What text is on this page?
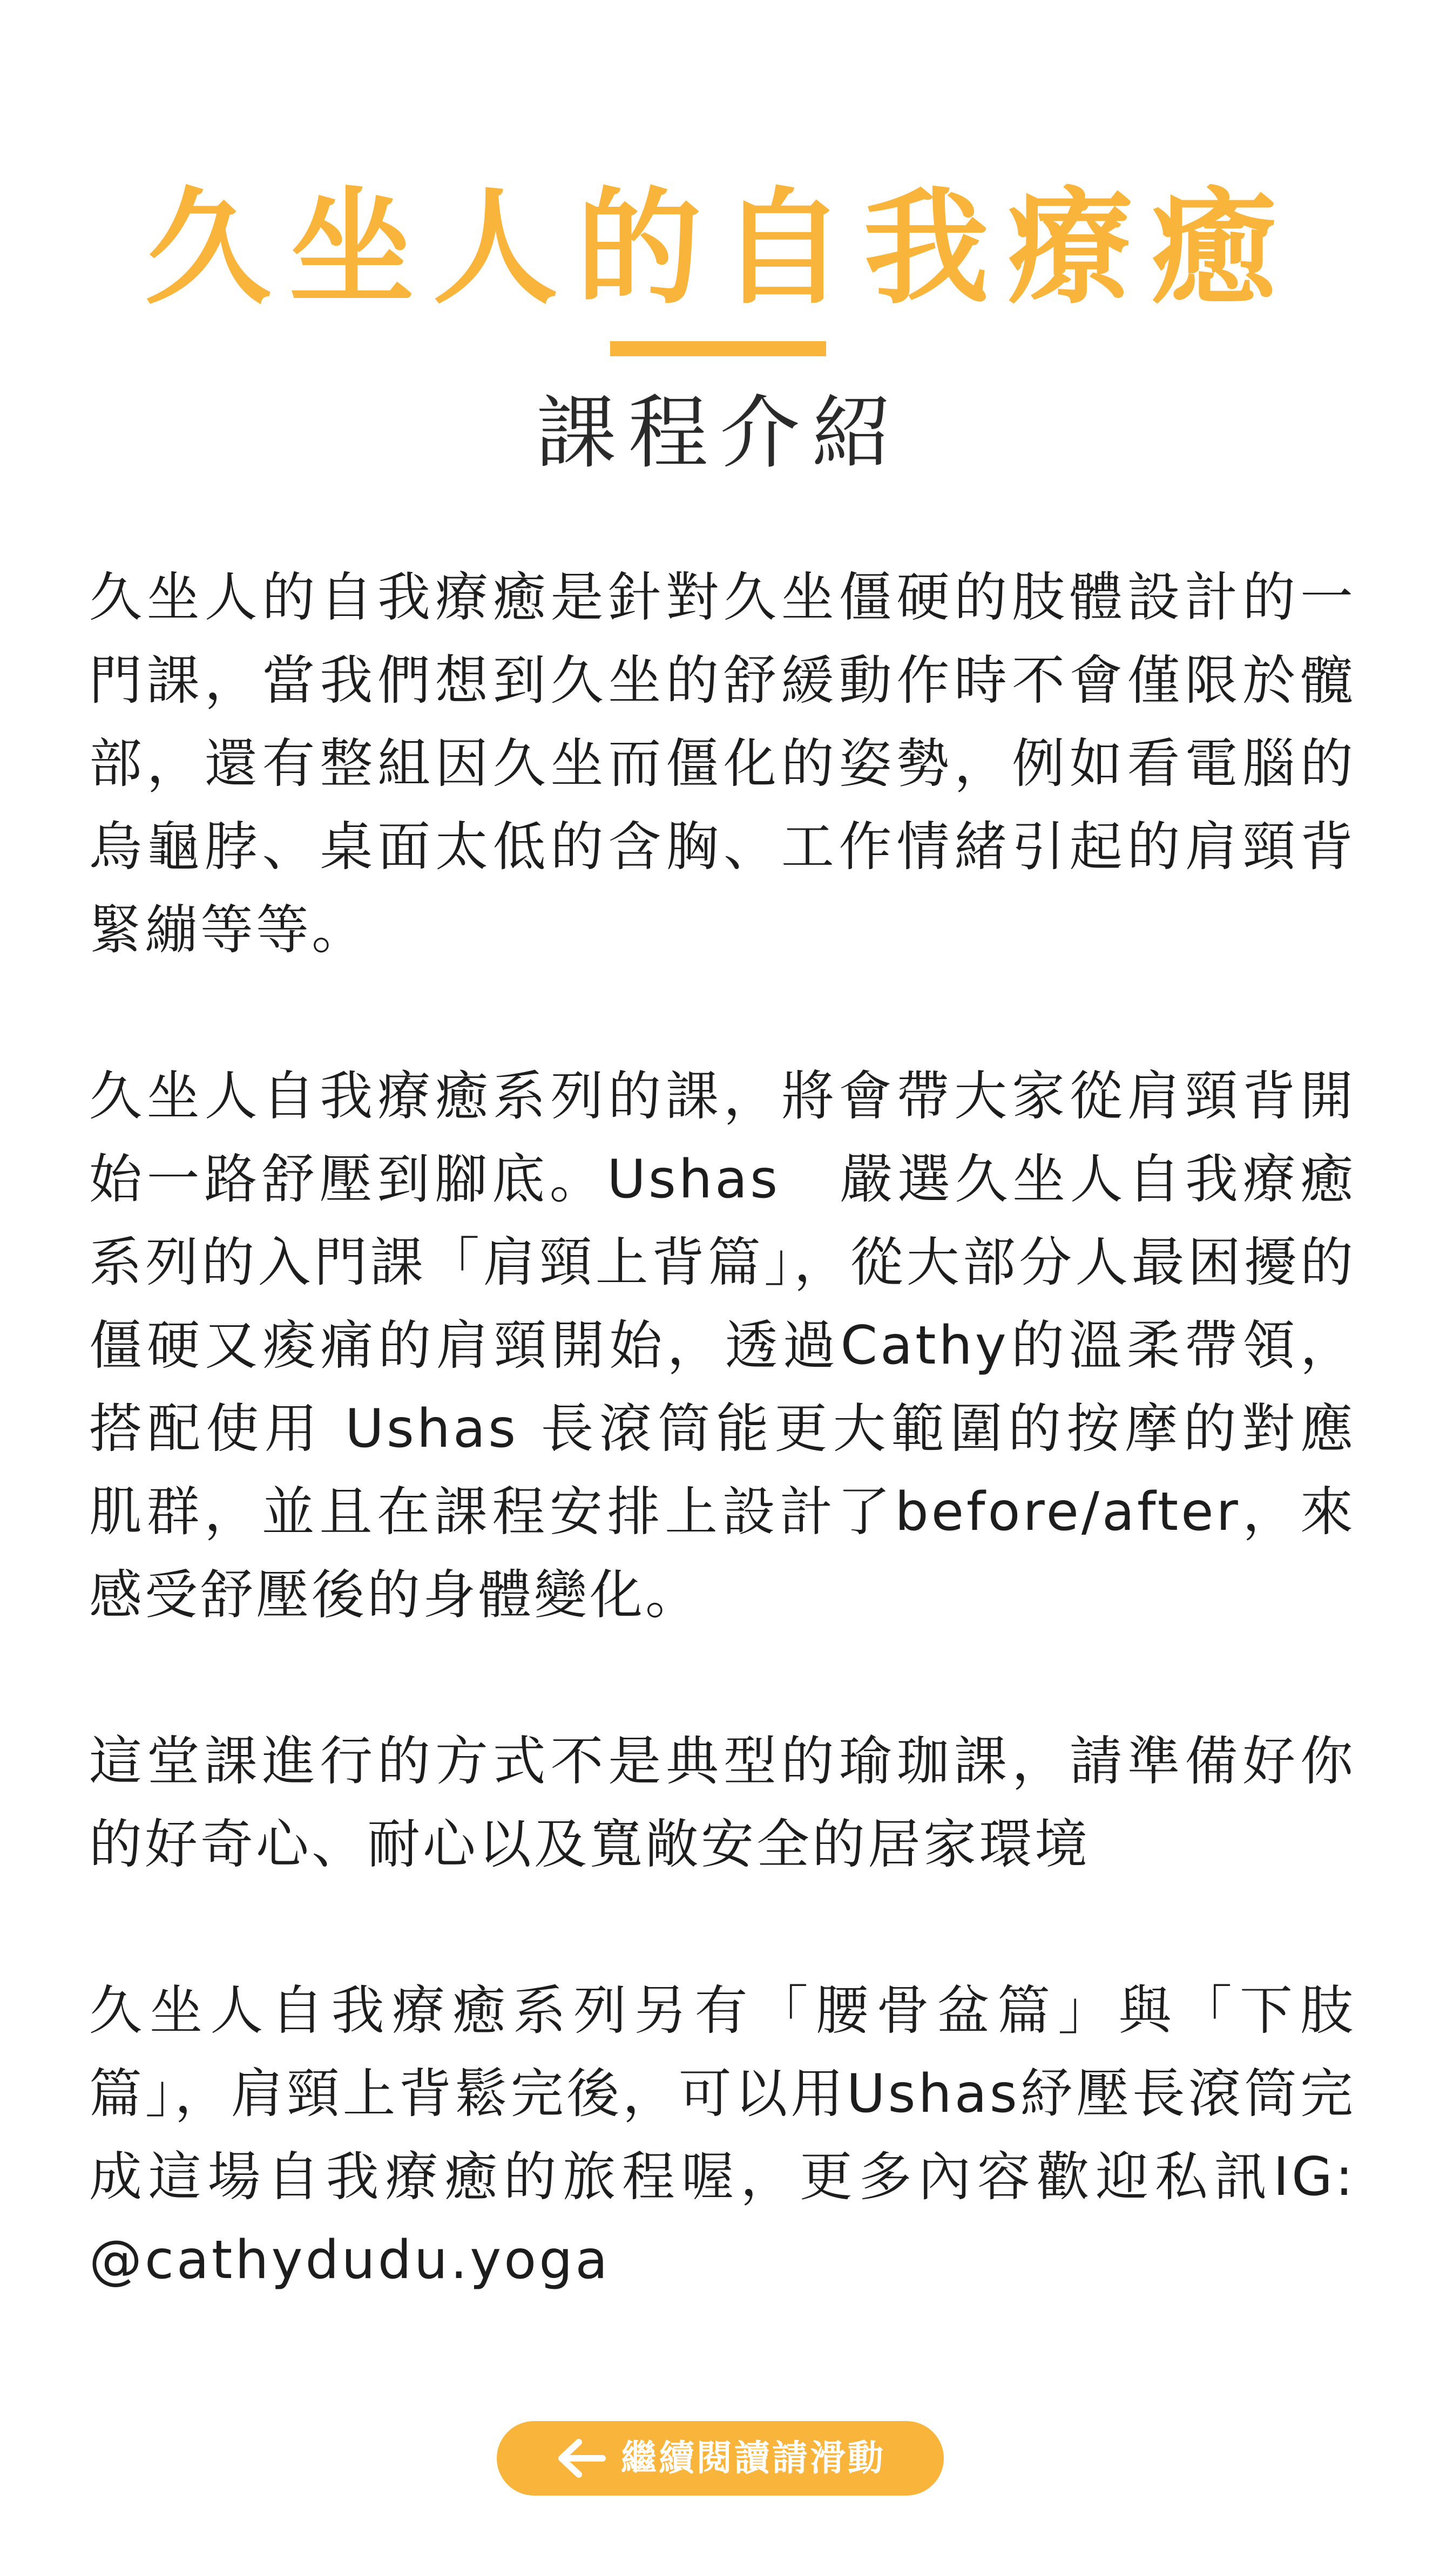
久坐人的自我療癒
課程介紹

久坐人的自我療癒是針對久坐僵硬的肢體設計的一門課，當我們想到久坐的舒緩動作時不會僅限於髖部，還有整組因久坐而僵化的姿勢，例如看電腦的烏龜脖、桌面太低的含胸、工作情緒引起的肩頸背緊繃等等。

久坐人自我療癒系列的課，將會帶大家從肩頸背開始一路舒壓到腳底。Ushas　嚴選久坐人自我療癒系列的入門課「肩頸上背篇」，從大部分人最困擾的僵硬又痠痛的肩頸開始，透過Cathy的溫柔帶領，搭配使用 Ushas 長滾筒能更大範圍的按摩的對應肌群，並且在課程安排上設計了before/after，來感受舒壓後的身體變化。

這堂課進行的方式不是典型的瑜珈課，請準備好你的好奇心、耐心以及寬敞安全的居家環境

久坐人自我療癒系列另有「腰骨盆篇」與「下肢篇」，肩頸上背鬆完後，可以用Ushas紓壓長滾筒完成這場自我療癒的旅程喔，更多內容歡迎私訊IG: @cathydudu.yoga

繼續閱讀請滑動
